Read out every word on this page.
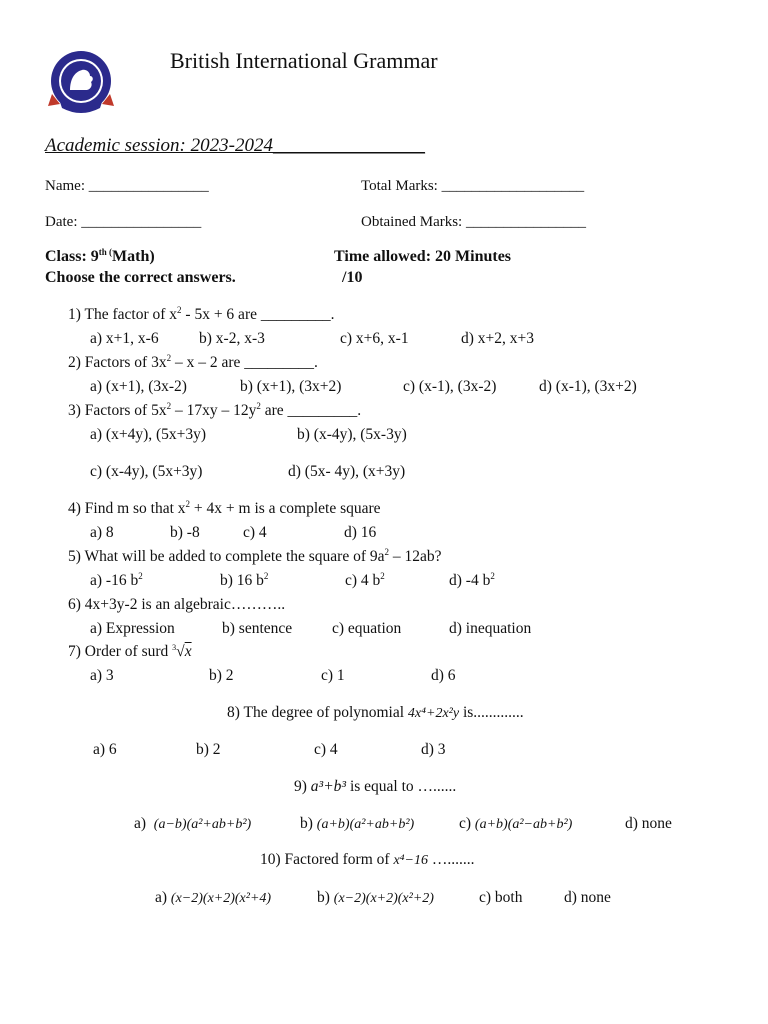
British International Grammar
Academic session: 2023-2024________________
Name: ________________	Total Marks: ___________________
Date: ________________	Obtained Marks: ________________
Class: $9^{th (}Math$)	Time allowed: 20 Minutes
Choose the correct answers.	/10
1) The factor of $x^2 - 5x + 6$ are _________.
a) x+1, x-6	b) x-2, x-3	c) x+6, x-1	d) x+2, x+3
2) Factors of $3x^2$ – x – 2 are _________.
a) (x+1), (3x-2)	b) (x+1), (3x+2)	c) (x-1), (3x-2)	d) (x-1), (3x+2)
3) Factors of $5x^2 - 17xy - 12y^2$ are _________.
a) (x+4y), (5x+3y)	b) (x-4y), (5x-3y)
c) (x-4y), (5x+3y)	d) (5x- 4y), (x+3y)
4) Find m so that $x^2 + 4x + m$ is a complete square
a) 8	b) -8	c) 4	d) 16
5) What will be added to complete the square of $9a^2 - 12ab$?
a) -16 $b^2$	b) 16 $b^2$	c) 4 $b^2$	d) -4 $b^2$
6) 4x+3y-2 is an algebraic………..
a) Expression	b) sentence	c) equation	d) inequation
7) Order of surd $^3$√x
a) 3	b) 2	c) 1	d) 6
8) The degree of polynomial 4x⁴+2x²y is.............
a) 6	b) 2	c) 4	d) 3
9) a³+b³ is equal to …......
a) (a−b)(a²+ab+b²)	b) (a+b)(a²+ab+b²)	c) (a+b)(a²−ab+b²)	d) none
10) Factored form of x⁴−16 ….......
a) (x−2)(x+2)(x²+4)	b) (x−2)(x+2)(x²+2)	c) both	d) none
